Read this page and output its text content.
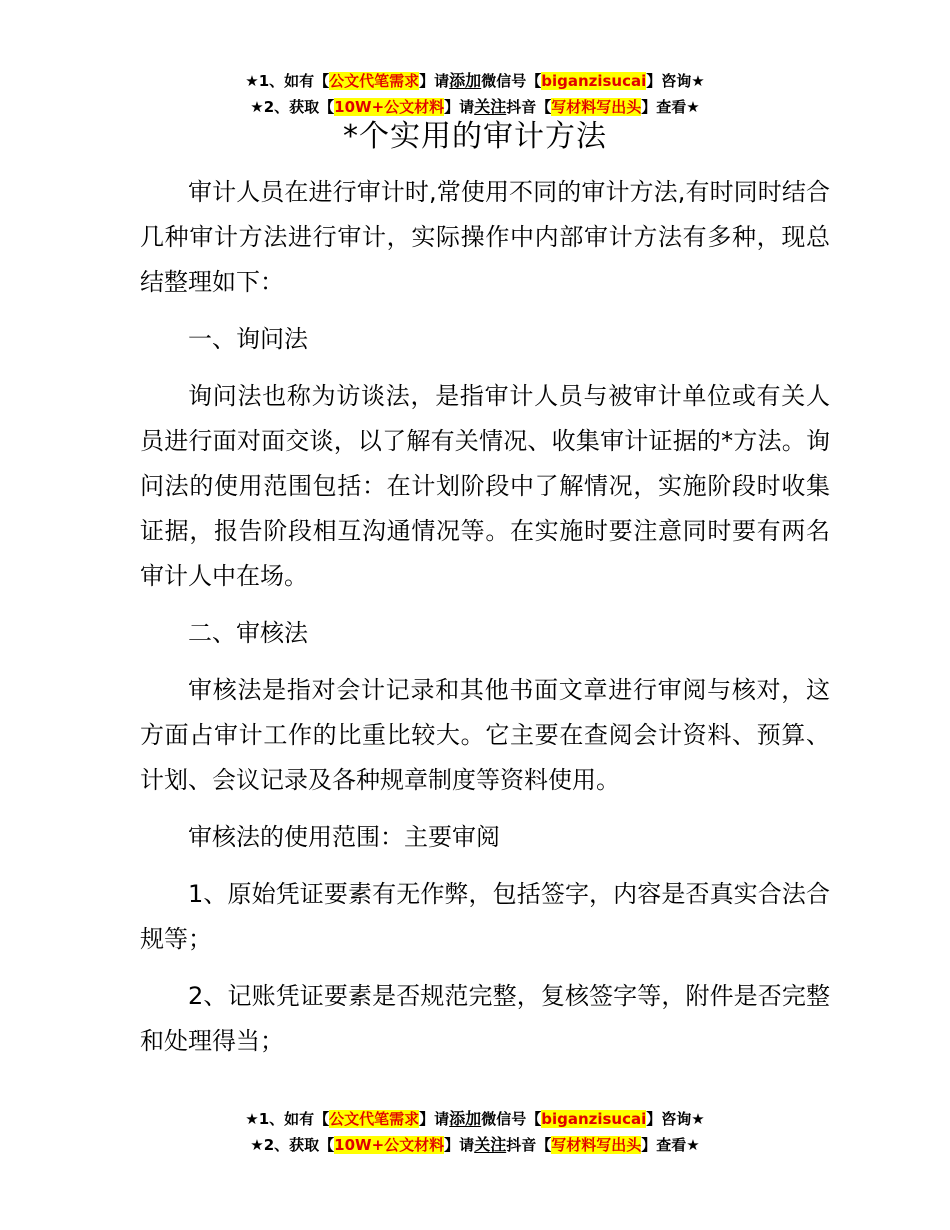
★1、如有【公文代笔需求】请添加微信号【biganzisucai】咨询★
★2、获取【10W+公文材料】请关注抖音【写材料写出头】查看★
*个实用的审计方法

审计人员在进行审计时,常使用不同的审计方法,有时同时结合几种审计方法进行审计，实际操作中内部审计方法有多种，现总结整理如下：

一、询问法

询问法也称为访谈法，是指审计人员与被审计单位或有关人员进行面对面交谈，以了解有关情况、收集审计证据的*方法。询问法的使用范围包括：在计划阶段中了解情况，实施阶段时收集证据，报告阶段相互沟通情况等。在实施时要注意同时要有两名审计人中在场。

二、审核法

审核法是指对会计记录和其他书面文章进行审阅与核对，这方面占审计工作的比重比较大。它主要在查阅会计资料、预算、计划、会议记录及各种规章制度等资料使用。

审核法的使用范围：主要审阅

1、原始凭证要素有无作弊，包括签字，内容是否真实合法合规等；

2、记账凭证要素是否规范完整，复核签字等，附件是否完整和处理得当；

★1、如有【公文代笔需求】请添加微信号【biganzisucai】咨询★
★2、获取【10W+公文材料】请关注抖音【写材料写出头】查看★
